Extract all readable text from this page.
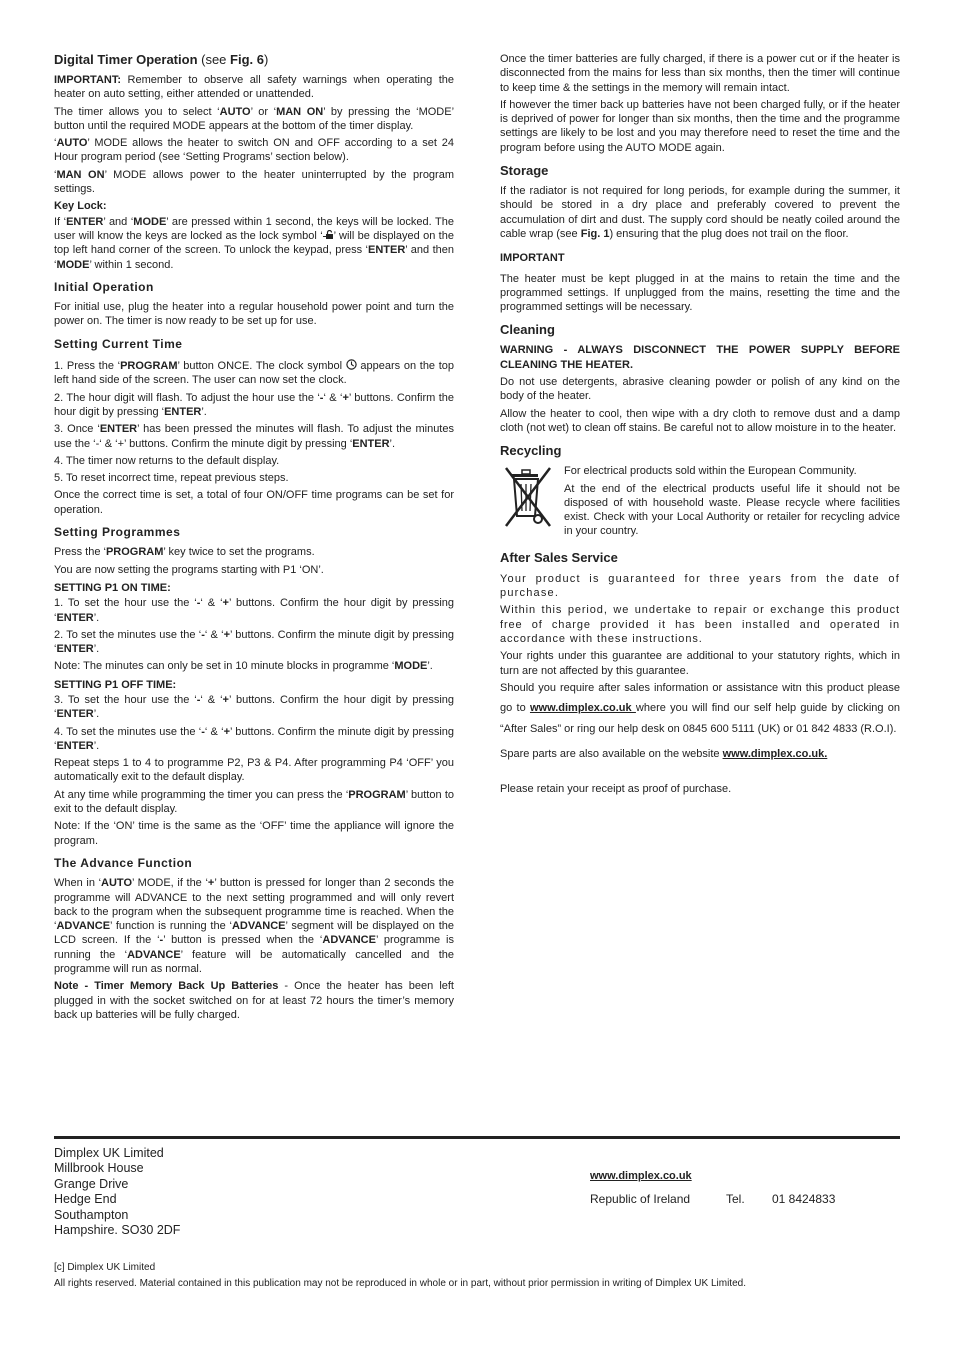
Digital Timer Operation (see Fig. 6)

IMPORTANT: Remember to observe all safety warnings when operating the heater on auto setting, either attended or unattended.

The timer allows you to select ‘AUTO’ or ‘MAN ON’ by pressing the ‘MODE’ button until the required MODE appears at the bottom of the timer display.

‘AUTO’ MODE allows the heater to switch ON and OFF according to a set 24 Hour program period (see ‘Setting Programs’ section below).

‘MAN ON’ MODE allows power to the heater uninterrupted by the program settings.

Key Lock:

If ‘ENTER’ and ‘MODE’ are pressed within 1 second, the keys will be locked. The user will know the keys are locked as the lock symbol ‘ ’ will be displayed on the top left hand corner of the screen. To unlock the keypad, press ‘ENTER’ and then ‘MODE’ within 1 second.

Initial Operation

For initial use, plug the heater into a regular household power point and turn the power on. The timer is now ready to be set up for use.

Setting Current Time

1. Press the ‘PROGRAM’ button ONCE. The clock symbol  appears on the top left hand side of the screen. The user can now set the clock.

2. The hour digit will flash. To adjust the hour use the ‘-‘ & ‘+’ buttons. Confirm the hour digit by pressing ‘ENTER’.

3. Once ‘ENTER’ has been pressed the minutes will flash. To adjust the minutes use the ‘-‘ & ‘+’ buttons. Confirm the minute digit by pressing ‘ENTER’.

4. The timer now returns to the default display.

5. To reset incorrect time, repeat previous steps.

Once the correct time is set, a total of four ON/OFF time programs can be set for operation.

Setting Programmes

Press the ‘PROGRAM’ key twice to set the programs.

You are now setting the programs starting with P1 ‘ON’.

SETTING P1 ON TIME:

1. To set the hour use the ‘-‘ & ‘+’ buttons. Confirm the hour digit by pressing ‘ENTER’.

2. To set the minutes use the ‘-‘ & ‘+’ buttons. Confirm the minute digit by pressing ‘ENTER’.

Note: The minutes can only be set in 10 minute blocks in programme ‘MODE’.

SETTING P1 OFF TIME:

3. To set the hour use the ‘-‘ & ‘+’ buttons. Confirm the hour digit by pressing ‘ENTER’.

4. To set the minutes use the ‘-‘ & ‘+’ buttons. Confirm the minute digit by pressing ‘ENTER’.

Repeat steps 1 to 4 to programme P2, P3 & P4. After programming P4 ‘OFF’ you automatically exit to the default display.

At any time while programming the timer you can press the ‘PROGRAM’ button to exit to the default display.

Note: If the ‘ON’ time is the same as the ‘OFF’ time the appliance will ignore the program.

The Advance Function

When in ‘AUTO’ MODE, if the ‘+’ button is pressed for longer than 2 seconds the programme will ADVANCE to the next setting programmed and will only revert back to the program when the subsequent programme time is reached. When the ‘ADVANCE’ function is running the ‘ADVANCE’ segment will be displayed on the LCD screen. If the ‘-’ button is pressed when the ‘ADVANCE’ programme is running the ‘ADVANCE’ feature will be automatically cancelled and the programme will run as normal.

Note - Timer Memory Back Up Batteries - Once the heater has been left plugged in with the socket switched on for at least 72 hours the timer’s memory back up batteries will be fully charged.

Once the timer batteries are fully charged, if there is a power cut or if the heater is disconnected from the mains for less than six months, then the timer will continue to keep time & the settings in the memory will remain intact.

If however the timer back up batteries have not been charged fully, or if the heater is deprived of power for longer than six months, then the time and the programme settings are likely to be lost and you may therefore need to reset the time and the program before using the AUTO MODE again.

Storage

If the radiator is not required for long periods, for example during the summer, it should be stored in a dry place and preferably covered to prevent the accumulation of dirt and dust. The supply cord should be neatly coiled around the cable wrap (see Fig. 1) ensuring that the plug does not trail on the floor.

IMPORTANT

The heater must be kept plugged in at the mains to retain the time and the programmed settings. If unplugged from the mains, resetting the time and the programmed settings will be necessary.

Cleaning

WARNING - ALWAYS DISCONNECT THE POWER SUPPLY BEFORE CLEANING THE HEATER.

Do not use detergents, abrasive cleaning powder or polish of any kind on the body of the heater.

Allow the heater to cool, then wipe with a dry cloth to remove dust and a damp cloth (not wet) to clean off stains. Be careful not to allow moisture in to the heater.

Recycling

For electrical products sold within the European Community.

At the end of the electrical products useful life it should not be disposed of with household waste. Please recycle where facilities exist. Check with your Local Authority or retailer for recycling advice in your country.

After Sales Service

Your product is guaranteed for three years from the date of purchase.

Within this period, we undertake to repair or exchange this product free of charge provided it has been installed and operated in accordance with these instructions.

Your rights under this guarantee are additional to your statutory rights, which in turn are not affected by this guarantee.

Should you require after sales information or assistance witn this product please go to www.dimplex.co.uk where you will find our self help guide by clicking on “After Sales” or ring our help desk on 0845 600 5111 (UK) or 01 842 4833 (R.O.I).

Spare parts are also available on the website www.dimplex.co.uk.

Please retain your receipt as proof of purchase.

Dimplex UK Limited
Millbrook House
Grange Drive
Hedge End
Southampton
Hampshire. SO30 2DF
www.dimplex.co.uk
Republic of Ireland	Tel. 01 8424833
[c] Dimplex UK Limited
All rights reserved. Material contained in this publication may not be reproduced in whole or in part, without prior permission in writing of Dimplex UK Limited.
